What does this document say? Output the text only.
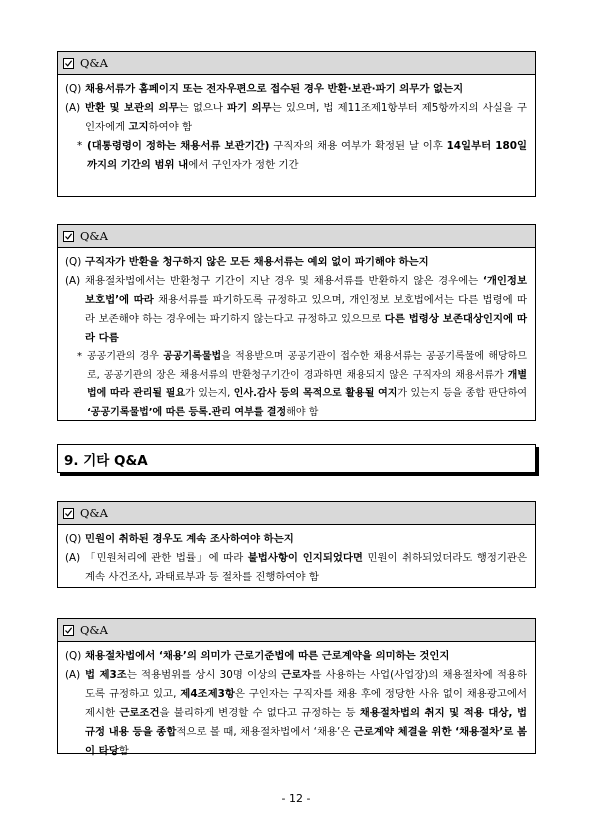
Q&A
(Q) 채용서류가 홈페이지 또는 전자우편으로 접수된 경우 반환·보관·파기 의무가 없는지
(A) 반환 및 보관의 의무는 없으나 파기 의무는 있으며, 법 제11조제1항부터 제5항까지의 사실을 구인자에게 고지하여야 함
* (대통령령이 정하는 채용서류 보관기간) 구직자의 채용 여부가 확정된 날 이후 14일부터 180일까지의 기간의 범위 내에서 구인자가 정한 기간
Q&A
(Q) 구직자가 반환을 청구하지 않은 모든 채용서류는 예외 없이 파기해야 하는지
(A) 채용절차법에서는 반환청구 기간이 지난 경우 및 채용서류를 반환하지 않은 경우에는 ‘개인정보 보호법’에 따라 채용서류를 파기하도록 규정하고 있으며, 개인정보 보호법에서는 다른 법령에 따라 보존해야 하는 경우에는 파기하지 않는다고 규정하고 있으므로 다른 법령상 보존대상인지에 따라 다름
* 공공기관의 경우 공공기록물법을 적용받으며 공공기관이 접수한 채용서류는 공공기록물에 해당하므로, 공공기관의 장은 채용서류의 반환청구기간이 경과하면 채용되지 않은 구직자의 채용서류가 개별법에 따라 관리될 필요가 있는지, 인사.감사 등의 목적으로 활용될 여지가 있는지 등을 종합 판단하여 ‘공공기록물법’에 따른 등록.관리 여부를 결정해야 함
9. 기타 Q&A
Q&A
(Q) 민원이 취하된 경우도 계속 조사하여야 하는지
(A) 「민원처리에 관한 법률」에 따라 불법사항이 인지되었다면 민원이 취하되었더라도 행정기관은 계속 사건조사, 과태료부과 등 절차를 진행하여야 함
Q&A
(Q) 채용절차법에서 ‘채용’의 의미가 근로기준법에 따른 근로계약을 의미하는 것인지
(A) 법 제3조는 적용범위를 상시 30명 이상의 근로자를 사용하는 사업(사업장)의 채용절차에 적용하도록 규정하고 있고, 제4조제3항은 구인자는 구직자를 채용 후에 정당한 사유 없이 채용광고에서 제시한 근로조건을 불리하게 변경할 수 없다고 규정하는 등 채용절차법의 취지 및 적용 대상, 법 규정 내용 등을 종합적으로 볼 때, 채용절차법에서 ‘채용’은 근로계약 체결을 위한 ‘채용절차’로 봄이 타당함
- 12 -
